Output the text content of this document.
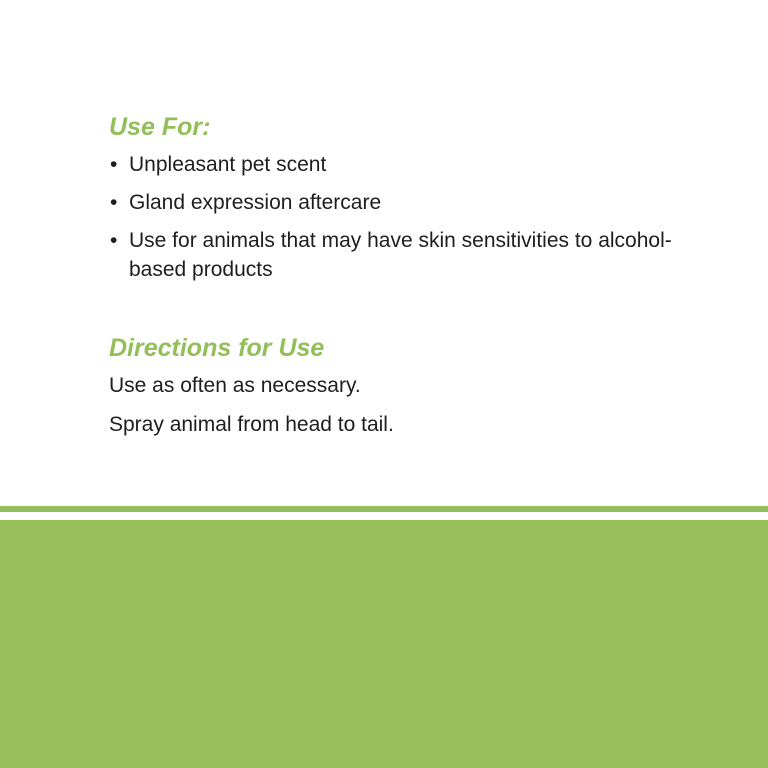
Use For:
• Unpleasant pet scent
• Gland expression aftercare
• Use for animals that may have skin sensitivities to alcohol-based products
Directions for Use

Use as often as necessary.

Spray animal from head to tail.
